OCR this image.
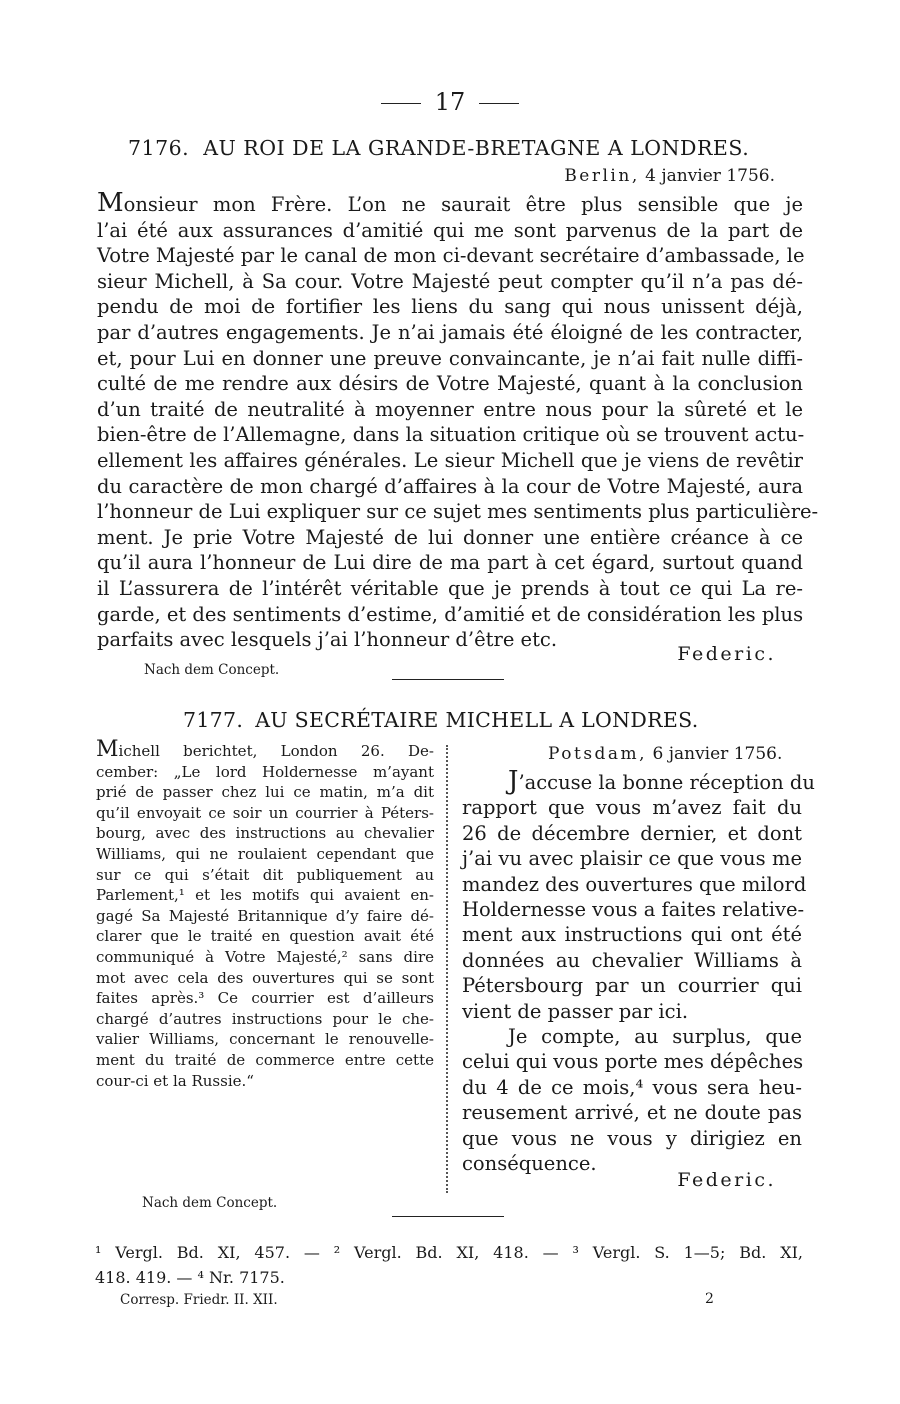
17
7176. AU ROI DE LA GRANDE-BRETAGNE A LONDRES.
Berlin, 4 janvier 1756.
Monsieur mon Frère. L’on ne saurait être plus sensible que je
l’ai été aux assurances d’amitié qui me sont parvenus de la part de
Votre Majesté par le canal de mon ci-devant secrétaire d’ambassade, le
sieur Michell, à Sa cour. Votre Majesté peut compter qu’il n’a pas dé-
pendu de moi de fortifier les liens du sang qui nous unissent déjà,
par d’autres engagements. Je n’ai jamais été éloigné de les contracter,
et, pour Lui en donner une preuve convaincante, je n’ai fait nulle diffi-
culté de me rendre aux désirs de Votre Majesté, quant à la conclusion
d’un traité de neutralité à moyenner entre nous pour la sûreté et le
bien-être de l’Allemagne, dans la situation critique où se trouvent actu-
ellement les affaires générales. Le sieur Michell que je viens de revêtir
du caractère de mon chargé d’affaires à la cour de Votre Majesté, aura
l’honneur de Lui expliquer sur ce sujet mes sentiments plus particulière-
ment. Je prie Votre Majesté de lui donner une entière créance à ce
qu’il aura l’honneur de Lui dire de ma part à cet égard, surtout quand
il L’assurera de l’intérêt véritable que je prends à tout ce qui La re-
garde, et des sentiments d’estime, d’amitié et de considération les plus
parfaits avec lesquels j’ai l’honneur d’être etc.
Federic.
Nach dem Concept.
7177. AU SECRÉTAIRE MICHELL A LONDRES.
Michell berichtet, London 26. De-
cember: „Le lord Holdernesse m’ayant
prié de passer chez lui ce matin, m’a dit
qu’il envoyait ce soir un courrier à Péters-
bourg, avec des instructions au chevalier
Williams, qui ne roulaient cependant que
sur ce qui s’était dit publiquement au
Parlement,¹ et les motifs qui avaient en-
gagé Sa Majesté Britannique d’y faire dé-
clarer que le traité en question avait été
communiqué à Votre Majesté,² sans dire
mot avec cela des ouvertures qui se sont
faites après.³ Ce courrier est d’ailleurs
chargé d’autres instructions pour le che-
valier Williams, concernant le renouvelle-
ment du traité de commerce entre cette
cour-ci et la Russie.“
Potsdam, 6 janvier 1756.
J’accuse la bonne réception du
rapport que vous m’avez fait du
26 de décembre dernier, et dont
j’ai vu avec plaisir ce que vous me
mandez des ouvertures que milord
Holdernesse vous a faites relative-
ment aux instructions qui ont été
données au chevalier Williams à
Pétersbourg par un courrier qui
vient de passer par ici.
Je compte, au surplus, que
celui qui vous porte mes dépêches
du 4 de ce mois,⁴ vous sera heu-
reusement arrivé, et ne doute pas
que vous ne vous y dirigiez en
conséquence.
Federic.
Nach dem Concept.
¹ Vergl. Bd. XI, 457. — ² Vergl. Bd. XI, 418. — ³ Vergl. S. 1—5; Bd. XI,
418. 419. — ⁴ Nr. 7175.
Corresp. Friedr. II. XII.	2
